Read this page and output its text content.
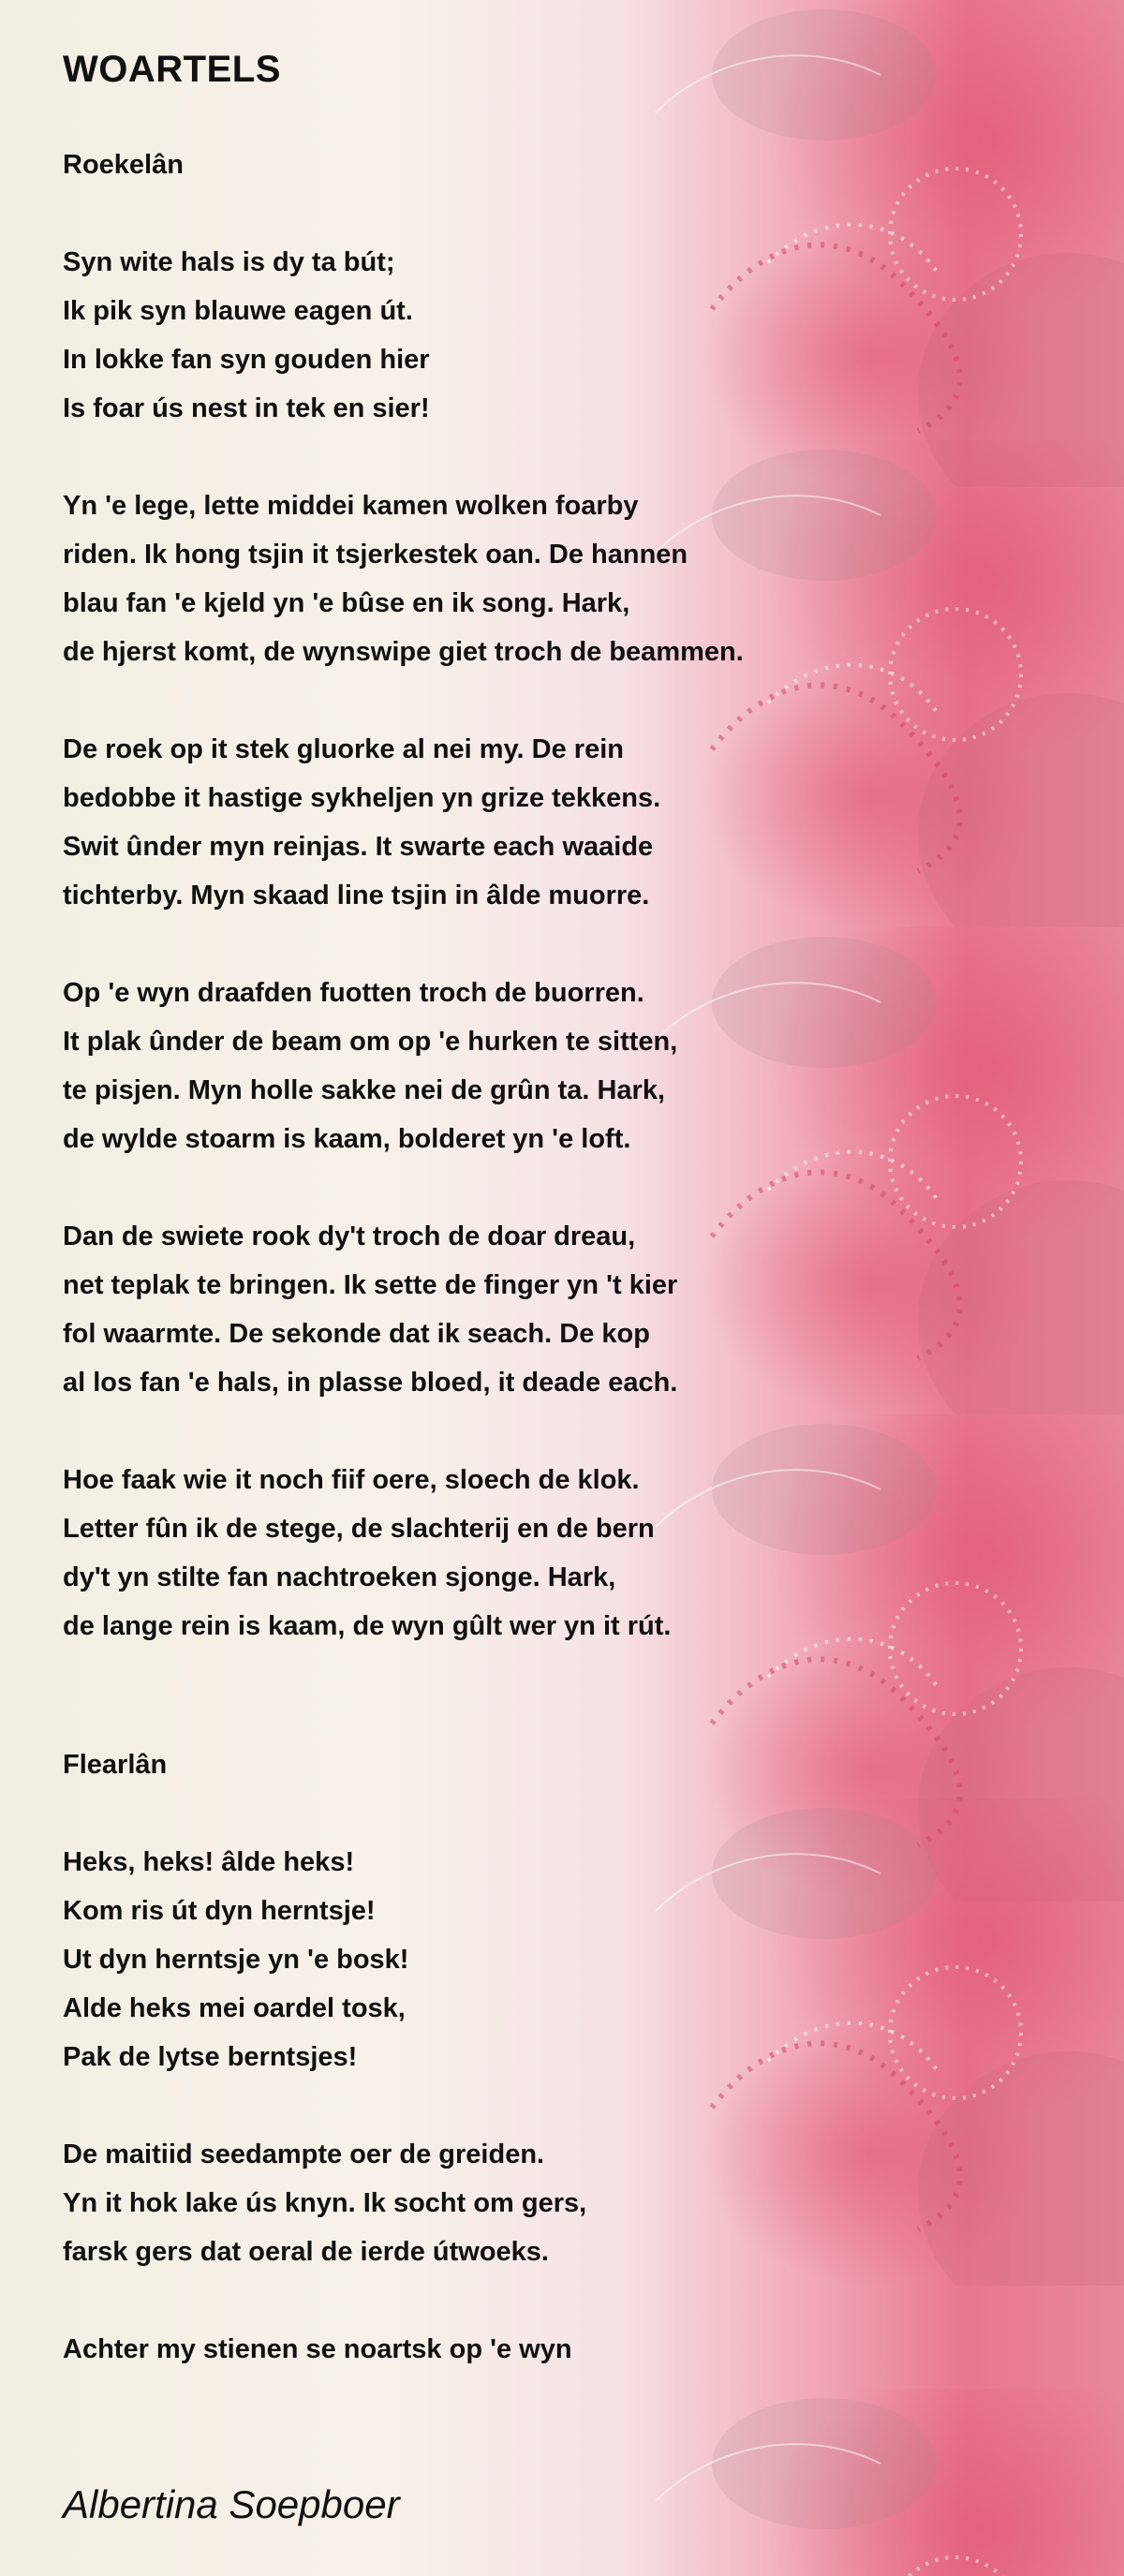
WOARTELS
Roekelân
Syn wite hals is dy ta bút;
Ik pik syn blauwe eagen út.
In lokke fan syn gouden hier
Is foar ús nest in tek en sier!
Yn 'e lege, lette middei kamen wolken foarby
riden. Ik hong tsjin it tsjerkestek oan. De hannen
blau fan 'e kjeld yn 'e bûse en ik song. Hark,
de hjerst komt, de wynswipe giet troch de beammen.
De roek op it stek gluorke al nei my. De rein
bedobbe it hastige sykheljen yn grize tekkens.
Swit ûnder myn reinjas. It swarte each waaide
tichterby. Myn skaad line tsjin in âlde muorre.
Op 'e wyn draafden fuotten troch de buorren.
It plak ûnder de beam om op 'e hurken te sitten,
te pisjen. Myn holle sakke nei de grûn ta. Hark,
de wylde stoarm is kaam, bolderet yn 'e loft.
Dan de swiete rook dy't troch de doar dreau,
net teplak te bringen. Ik sette de finger yn 't kier
fol waarmte. De sekonde dat ik seach. De kop
al los fan 'e hals, in plasse bloed, it deade each.
Hoe faak wie it noch fiif oere, sloech de klok.
Letter fûn ik de stege, de slachterij en de bern
dy't yn stilte fan nachtroeken sjonge. Hark,
de lange rein is kaam, de wyn gûlt wer yn it rút.
Flearlân
Heks, heks! âlde heks!
Kom ris út dyn herntsje!
Ut dyn herntsje yn 'e bosk!
Alde heks mei oardel tosk,
Pak de lytse berntsjes!
De maitiid seedampte oer de greiden.
Yn it hok lake ús knyn. Ik socht om gers,
farsk gers dat oeral de ierde útwoeks.
Achter my stienen se noartsk op 'e wyn
Albertina Soepboer
